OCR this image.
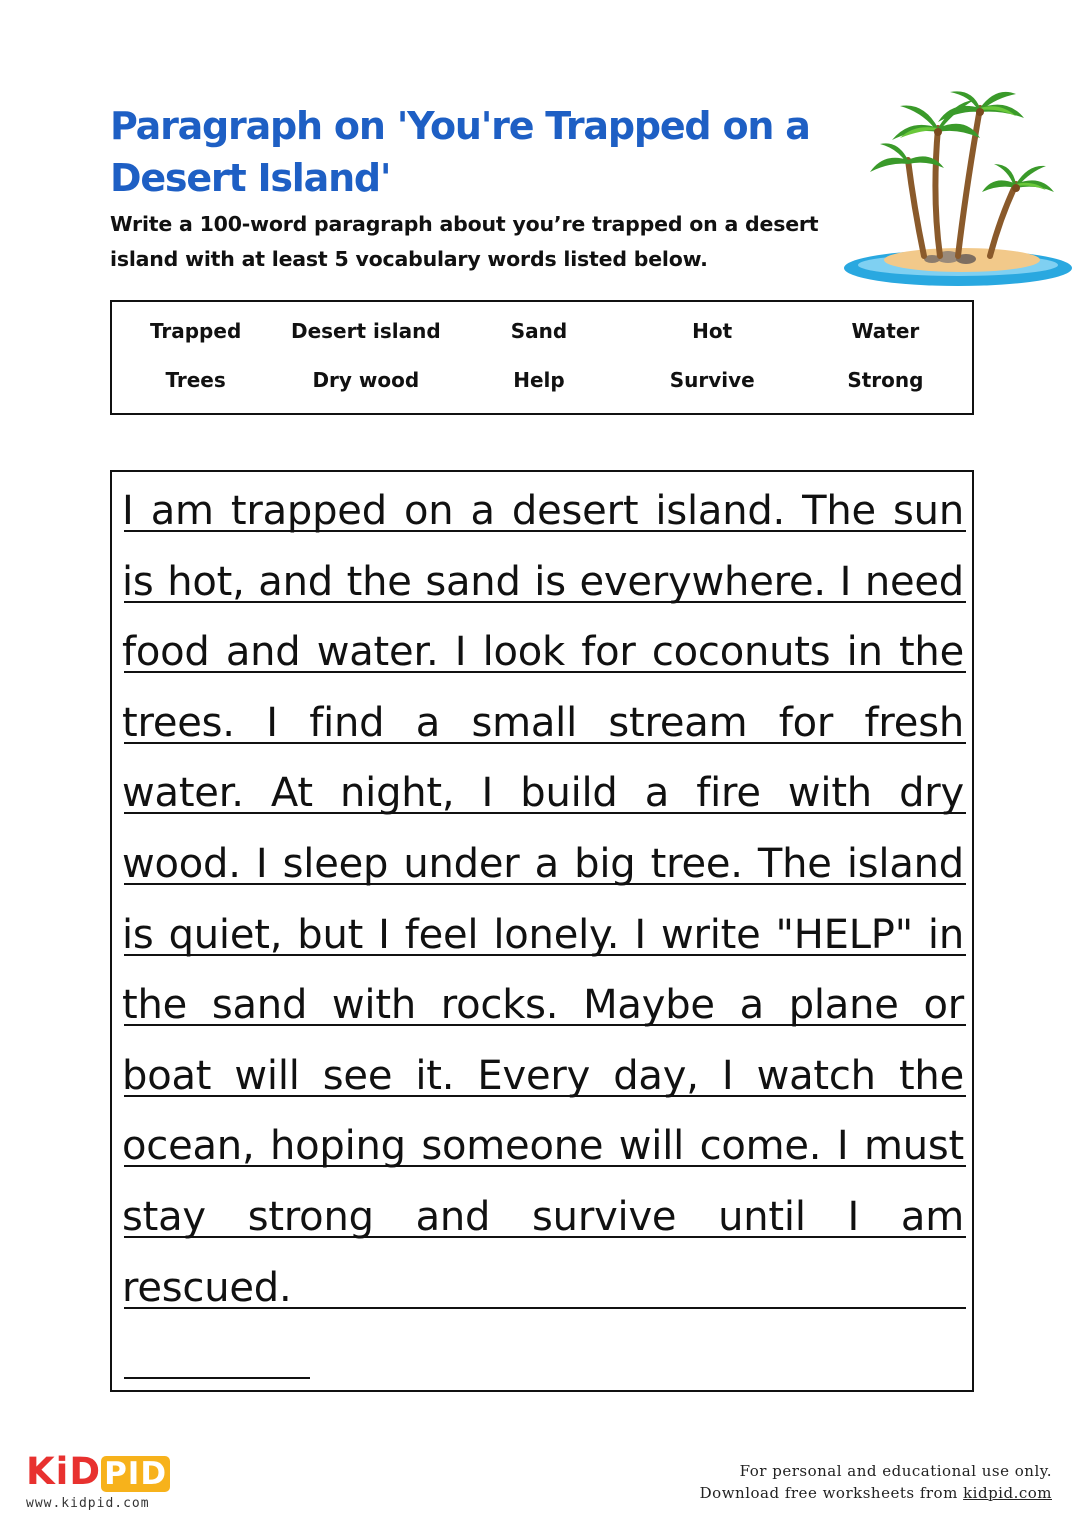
Paragraph on 'You're Trapped on a Desert Island'

Write a 100-word paragraph about you’re trapped on a desert island with at least 5 vocabulary words listed below.

Trapped	Desert island	Sand	Hot	Water
Trees	Dry wood	Help	Survive	Strong

I am trapped on a desert island. The sun is hot, and the sand is everywhere. I need food and water. I look for coconuts in the trees. I find a small stream for fresh water. At night, I build a fire with dry wood. I sleep under a big tree. The island is quiet, but I feel lonely. I write "HELP" in the sand with rocks. Maybe a plane or boat will see it. Every day, I watch the ocean, hoping someone will come. I must stay strong and survive until I am rescued.

KiDPID
www.kidpid.com
For personal and educational use only.
Download free worksheets from kidpid.com
